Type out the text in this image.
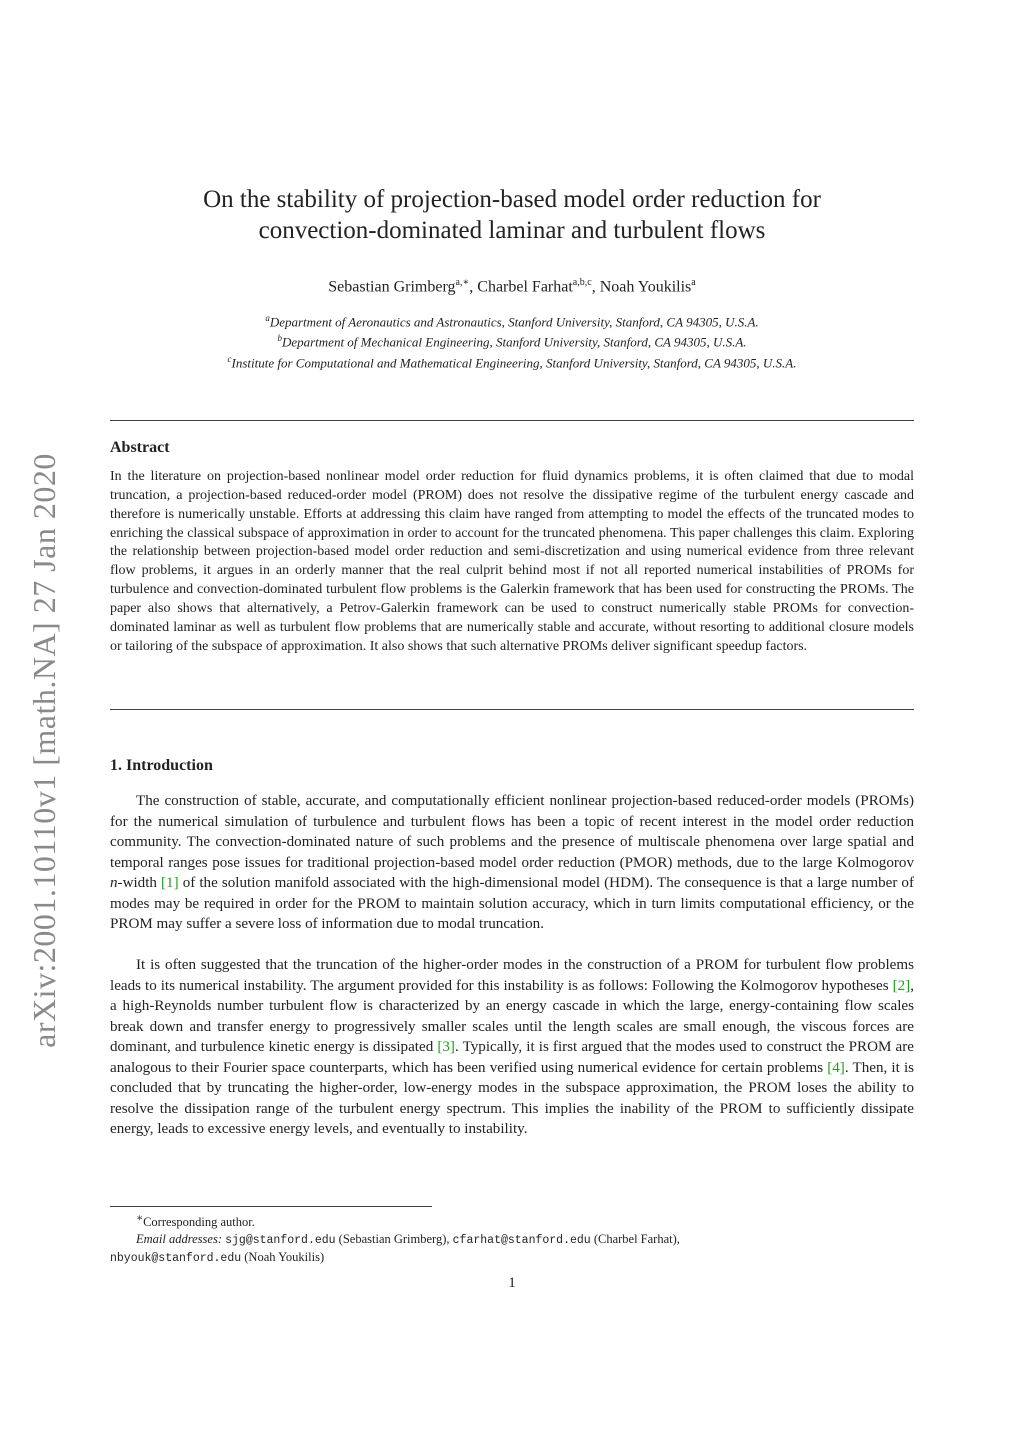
arXiv:2001.10110v1 [math.NA] 27 Jan 2020
On the stability of projection-based model order reduction for
convection-dominated laminar and turbulent flows
Sebastian Grimberg$^{a,∗}$, Charbel Farhat$^{a,b,c}$, Noah Youkilis$^a$
$^a$Department of Aeronautics and Astronautics, Stanford University, Stanford, CA 94305, U.S.A.
$^b$Department of Mechanical Engineering, Stanford University, Stanford, CA 94305, U.S.A.
$^c$Institute for Computational and Mathematical Engineering, Stanford University, Stanford, CA 94305, U.S.A.
Abstract

In the literature on projection-based nonlinear model order reduction for fluid dynamics problems, it is often claimed that due to modal truncation, a projection-based reduced-order model (PROM) does not resolve the dissipative regime of the turbulent energy cascade and therefore is numerically unstable. Efforts at addressing this claim have ranged from attempting to model the effects of the truncated modes to enriching the classical subspace of approximation in order to account for the truncated phenomena. This paper challenges this claim. Exploring the relationship between projection-based model order reduction and semi-discretization and using numerical evidence from three relevant flow problems, it argues in an orderly manner that the real culprit behind most if not all reported numerical instabilities of PROMs for turbulence and convection-dominated turbulent flow problems is the Galerkin framework that has been used for constructing the PROMs. The paper also shows that alternatively, a Petrov-Galerkin framework can be used to construct numerically stable PROMs for convection-dominated laminar as well as turbulent flow problems that are numerically stable and accurate, without resorting to additional closure models or tailoring of the subspace of approximation. It also shows that such alternative PROMs deliver significant speedup factors.

1. Introduction

The construction of stable, accurate, and computationally efficient nonlinear projection-based reduced-order models (PROMs) for the numerical simulation of turbulence and turbulent flows has been a topic of recent interest in the model order reduction community. The convection-dominated nature of such problems and the presence of multiscale phenomena over large spatial and temporal ranges pose issues for traditional projection-based model order reduction (PMOR) methods, due to the large Kolmogorov n-width [1] of the solution manifold associated with the high-dimensional model (HDM). The consequence is that a large number of modes may be required in order for the PROM to maintain solution accuracy, which in turn limits computational efficiency, or the PROM may suffer a severe loss of information due to modal truncation.

It is often suggested that the truncation of the higher-order modes in the construction of a PROM for turbulent flow problems leads to its numerical instability. The argument provided for this instability is as follows: Following the Kolmogorov hypotheses [2], a high-Reynolds number turbulent flow is characterized by an energy cascade in which the large, energy-containing flow scales break down and transfer energy to progressively smaller scales until the length scales are small enough, the viscous forces are dominant, and turbulence kinetic energy is dissipated [3]. Typically, it is first argued that the modes used to construct the PROM are analogous to their Fourier space counterparts, which has been verified using numerical evidence for certain problems [4]. Then, it is concluded that by truncating the higher-order, low-energy modes in the subspace approximation, the PROM loses the ability to resolve the dissipation range of the turbulent energy spectrum. This implies the inability of the PROM to sufficiently dissipate energy, leads to excessive energy levels, and eventually to instability.

∗Corresponding author.

Email addresses: sjg@stanford.edu (Sebastian Grimberg), cfarhat@stanford.edu (Charbel Farhat),

nbyouk@stanford.edu (Noah Youkilis)

1
